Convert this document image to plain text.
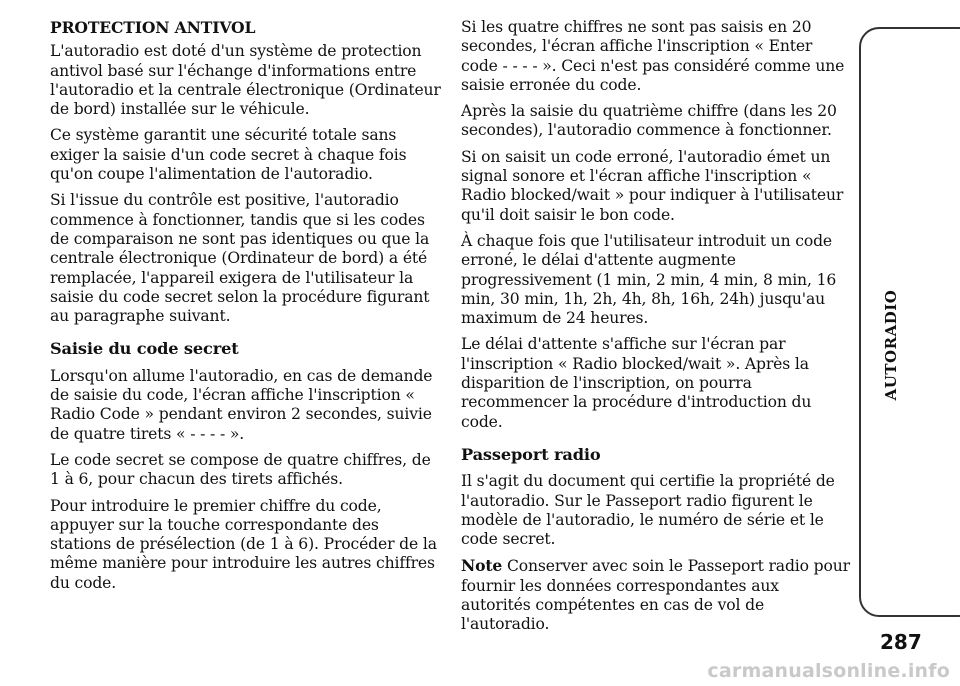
PROTECTION ANTIVOL

L'autoradio est doté d'un système de protection antivol basé sur l'échange d'informations entre l'autoradio et la centrale électronique (Ordinateur de bord) installée sur le véhicule.

Ce système garantit une sécurité totale sans exiger la saisie d'un code secret à chaque fois qu'on coupe l'alimentation de l'autoradio.

Si l'issue du contrôle est positive, l'autoradio commence à fonctionner, tandis que si les codes de comparaison ne sont pas identiques ou que la centrale électronique (Ordinateur de bord) a été remplacée, l'appareil exigera de l'utilisateur la saisie du code secret selon la procédure figurant au paragraphe suivant.

Saisie du code secret

Lorsqu'on allume l'autoradio, en cas de demande de saisie du code, l'écran affiche l'inscription « Radio Code » pendant environ 2 secondes, suivie de quatre tirets « - - - - ».

Le code secret se compose de quatre chiffres, de 1 à 6, pour chacun des tirets affichés.

Pour introduire le premier chiffre du code, appuyer sur la touche correspondante des stations de présélection (de 1 à 6). Procéder de la même manière pour introduire les autres chiffres du code.

Si les quatre chiffres ne sont pas saisis en 20 secondes, l'écran affiche l'inscription « Enter code - - - - ». Ceci n'est pas considéré comme une saisie erronée du code.

Après la saisie du quatrième chiffre (dans les 20 secondes), l'autoradio commence à fonctionner.

Si on saisit un code erroné, l'autoradio émet un signal sonore et l'écran affiche l'inscription « Radio blocked/wait » pour indiquer à l'utilisateur qu'il doit saisir le bon code.

À chaque fois que l'utilisateur introduit un code erroné, le délai d'attente augmente progressivement (1 min, 2 min, 4 min, 8 min, 16 min, 30 min, 1h, 2h, 4h, 8h, 16h, 24h) jusqu'au maximum de 24 heures.

Le délai d'attente s'affiche sur l'écran par l'inscription « Radio blocked/wait ». Après la disparition de l'inscription, on pourra recommencer la procédure d'introduction du code.

Passeport radio

Il s'agit du document qui certifie la propriété de l'autoradio. Sur le Passeport radio figurent le modèle de l'autoradio, le numéro de série et le code secret.

Note Conserver avec soin le Passeport radio pour fournir les données correspondantes aux autorités compétentes en cas de vol de l'autoradio.

AUTORADIO
287
carmanualsonline.info
